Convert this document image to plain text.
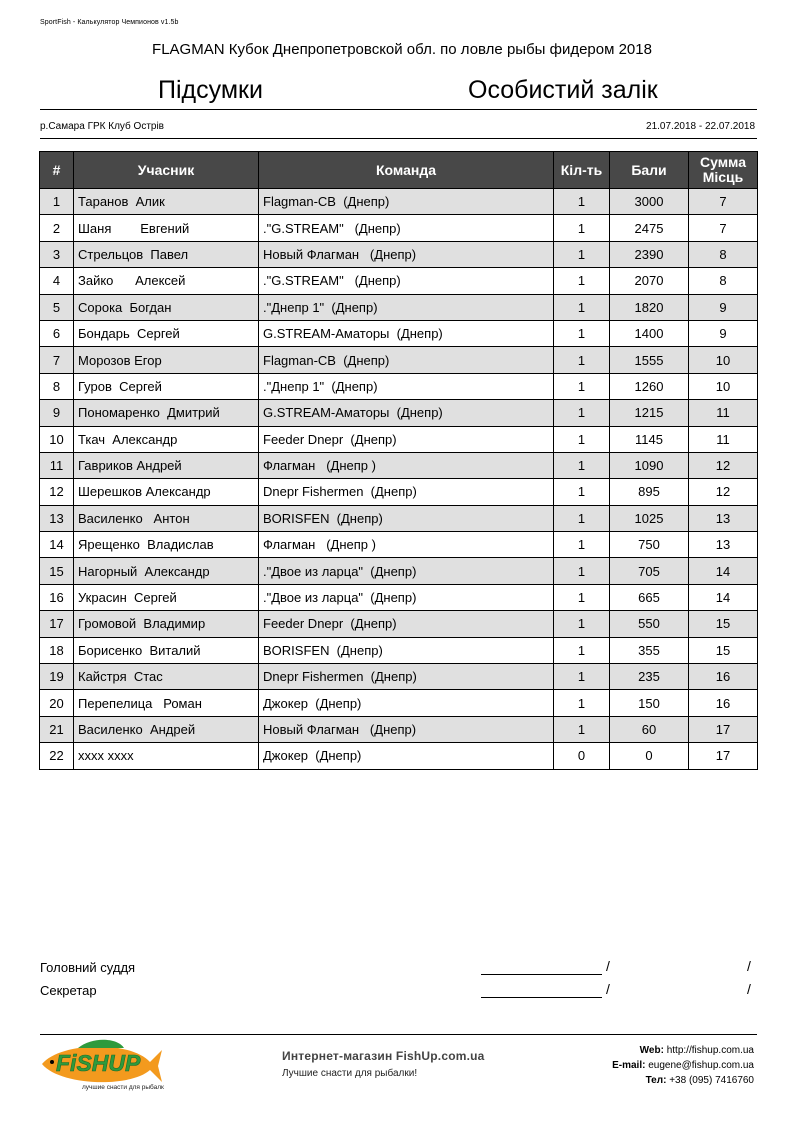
SportFish - Калькулятор Чемпионов v1.5b
FLAGMAN Кубок Днепропетровской обл. по ловле рыбы фидером 2018
Підсумки	Особистий залік
р.Самара ГРК Клуб Острів	21.07.2018 - 22.07.2018
#	Учасник	Команда	Кіл-ть	Бали	Сумма Місць
1	Таранов  Алик	Flagman-CB  (Днепр)	1	3000	7
2	Шаня        Евгений	."G.STREAM"   (Днепр)	1	2475	7
3	Стрельцов  Павел	Новый Флагман   (Днепр)	1	2390	8
4	Зайко      Алексей	."G.STREAM"   (Днепр)	1	2070	8
5	Сорока  Богдан	."Днепр 1"  (Днепр)	1	1820	9
6	Бондарь  Сергей	G.STREAM-Аматоры  (Днепр)	1	1400	9
7	Морозов Егор	Flagman-CB  (Днепр)	1	1555	10
8	Гуров  Сергей	."Днепр 1"  (Днепр)	1	1260	10
9	Пономаренко  Дмитрий	G.STREAM-Аматоры  (Днепр)	1	1215	11
10	Ткач  Александр	Feeder Dnepr  (Днепр)	1	1145	11
11	Гавриков Андрей	Флагман   (Днепр )	1	1090	12
12	Шерешков Александр	Dnepr Fishermen  (Днепр)	1	895	12
13	Василенко   Антон	BORISFEN  (Днепр)	1	1025	13
14	Ярещенко  Владислав	Флагман   (Днепр )	1	750	13
15	Нагорный  Александр	."Двое из ларца"  (Днепр)	1	705	14
16	Украсин  Сергей	."Двое из ларца"  (Днепр)	1	665	14
17	Громовой  Владимир	Feeder Dnepr  (Днепр)	1	550	15
18	Борисенко  Виталий	BORISFEN  (Днепр)	1	355	15
19	Кайстря  Стас	Dnepr Fishermen  (Днепр)	1	235	16
20	Перепелица   Роман	Джокер  (Днепр)	1	150	16
21	Василенко  Андрей	Новый Флагман   (Днепр)	1	60	17
22	хххх хххх	Джокер  (Днепр)	0	0	17
Головний суддя	/	/
Секретар	/	/
FiSHUP
лучшие снасти для рыбалки
Интернет-магазин FishUp.com.ua
Лучшие снасти для рыбалки!
Web: http://fishup.com.ua
E-mail: eugene@fishup.com.ua
Тел: +38 (095) 7416760
